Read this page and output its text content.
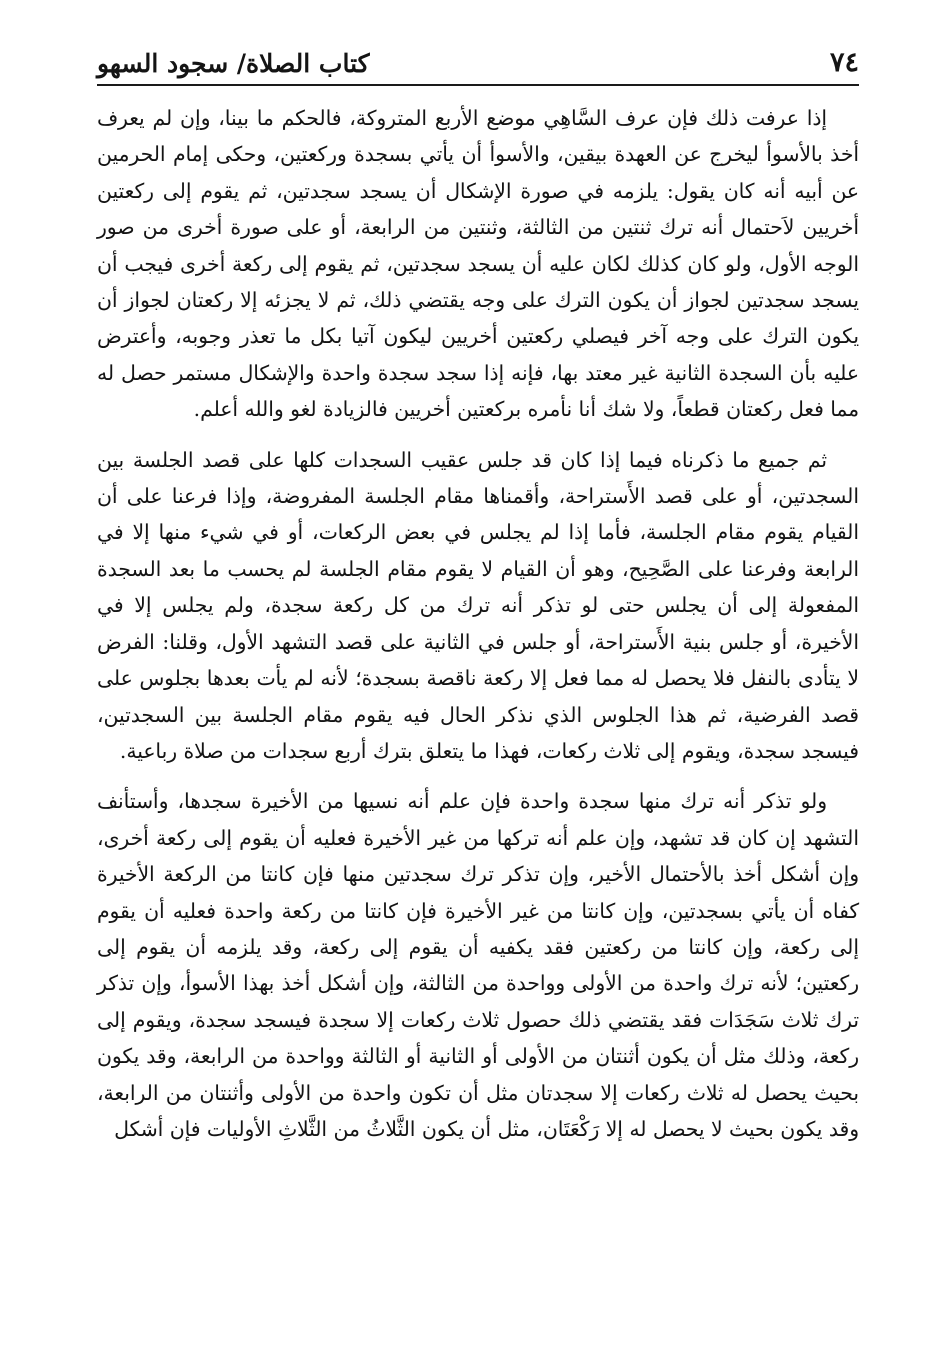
٧٤
كتاب الصلاة/ سجود السهو

إذا عرفت ذلك فإن عرف السَّاهِي موضع الأربع المتروكة، فالحكم ما بينا، وإن لم يعرف أخذ بالأسوأ ليخرج عن العهدة بيقين، والأسوأ أن يأتي بسجدة وركعتين، وحكى إمام الحرمين عن أبيه أنه كان يقول: يلزمه في صورة الإشكال أن يسجد سجدتين، ثم يقوم إلى ركعتين أخريين لاَحتمال أنه ترك ثنتين من الثالثة، وثنتين من الرابعة، أو على صورة أخرى من صور الوجه الأول، ولو كان كذلك لكان عليه أن يسجد سجدتين، ثم يقوم إلى ركعة أخرى فيجب أن يسجد سجدتين لجواز أن يكون الترك على وجه يقتضي ذلك، ثم لا يجزئه إلا ركعتان لجواز أن يكون الترك على وجه آخر فيصلي ركعتين أخريين ليكون آتيا بكل ما تعذر وجوبه، وأعترض عليه بأن السجدة الثانية غير معتد بها، فإنه إذا سجد سجدة واحدة والإشكال مستمر حصل له مما فعل ركعتان قطعاً، ولا شك أنا نأمره بركعتين أخريين فالزيادة لغو والله أعلم.

ثم جميع ما ذكرناه فيما إذا كان قد جلس عقيب السجدات كلها على قصد الجلسة بين السجدتين، أو على قصد الأَستراحة، وأقمناها مقام الجلسة المفروضة، وإذا فرعنا على أن القيام يقوم مقام الجلسة، فأما إذا لم يجلس في بعض الركعات، أو في شيء منها إلا في الرابعة وفرعنا على الصَّحِيح، وهو أن القيام لا يقوم مقام الجلسة لم يحسب ما بعد السجدة المفعولة إلى أن يجلس حتى لو تذكر أنه ترك من كل ركعة سجدة، ولم يجلس إلا في الأخيرة، أو جلس بنية الأَستراحة، أو جلس في الثانية على قصد التشهد الأول، وقلنا: الفرض لا يتأدى بالنفل فلا يحصل له مما فعل إلا ركعة ناقصة بسجدة؛ لأنه لم يأت بعدها بجلوس على قصد الفرضية، ثم هذا الجلوس الذي نذكر الحال فيه يقوم مقام الجلسة بين السجدتين، فيسجد سجدة، ويقوم إلى ثلاث ركعات، فهذا ما يتعلق بترك أربع سجدات من صلاة رباعية.

ولو تذكر أنه ترك منها سجدة واحدة فإن علم أنه نسيها من الأخيرة سجدها، وأستأنف التشهد إن كان قد تشهد، وإن علم أنه تركها من غير الأخيرة فعليه أن يقوم إلى ركعة أخرى، وإن أشكل أخذ بالأحتمال الأخير، وإن تذكر ترك سجدتين منها فإن كانتا من الركعة الأخيرة كفاه أن يأتي بسجدتين، وإن كانتا من غير الأخيرة فإن كانتا من ركعة واحدة فعليه أن يقوم إلى ركعة، وإن كانتا من ركعتين فقد يكفيه أن يقوم إلى ركعة، وقد يلزمه أن يقوم إلى ركعتين؛ لأنه ترك واحدة من الأولى وواحدة من الثالثة، وإن أشكل أخذ بهذا الأسوأ، وإن تذكر ترك ثلاث سَجَدَات فقد يقتضي ذلك حصول ثلاث ركعات إلا سجدة فيسجد سجدة، ويقوم إلى ركعة، وذلك مثل أن يكون أثنتان من الأولى أو الثانية أو الثالثة وواحدة من الرابعة، وقد يكون بحيث يحصل له ثلاث ركعات إلا سجدتان مثل أن تكون واحدة من الأولى وأثنتان من الرابعة، وقد يكون بحيث لا يحصل له إلا رَكْعَتَان، مثل أن يكون الثَّلاثُ من الثَّلاثِ الأوليات فإن أشكل
